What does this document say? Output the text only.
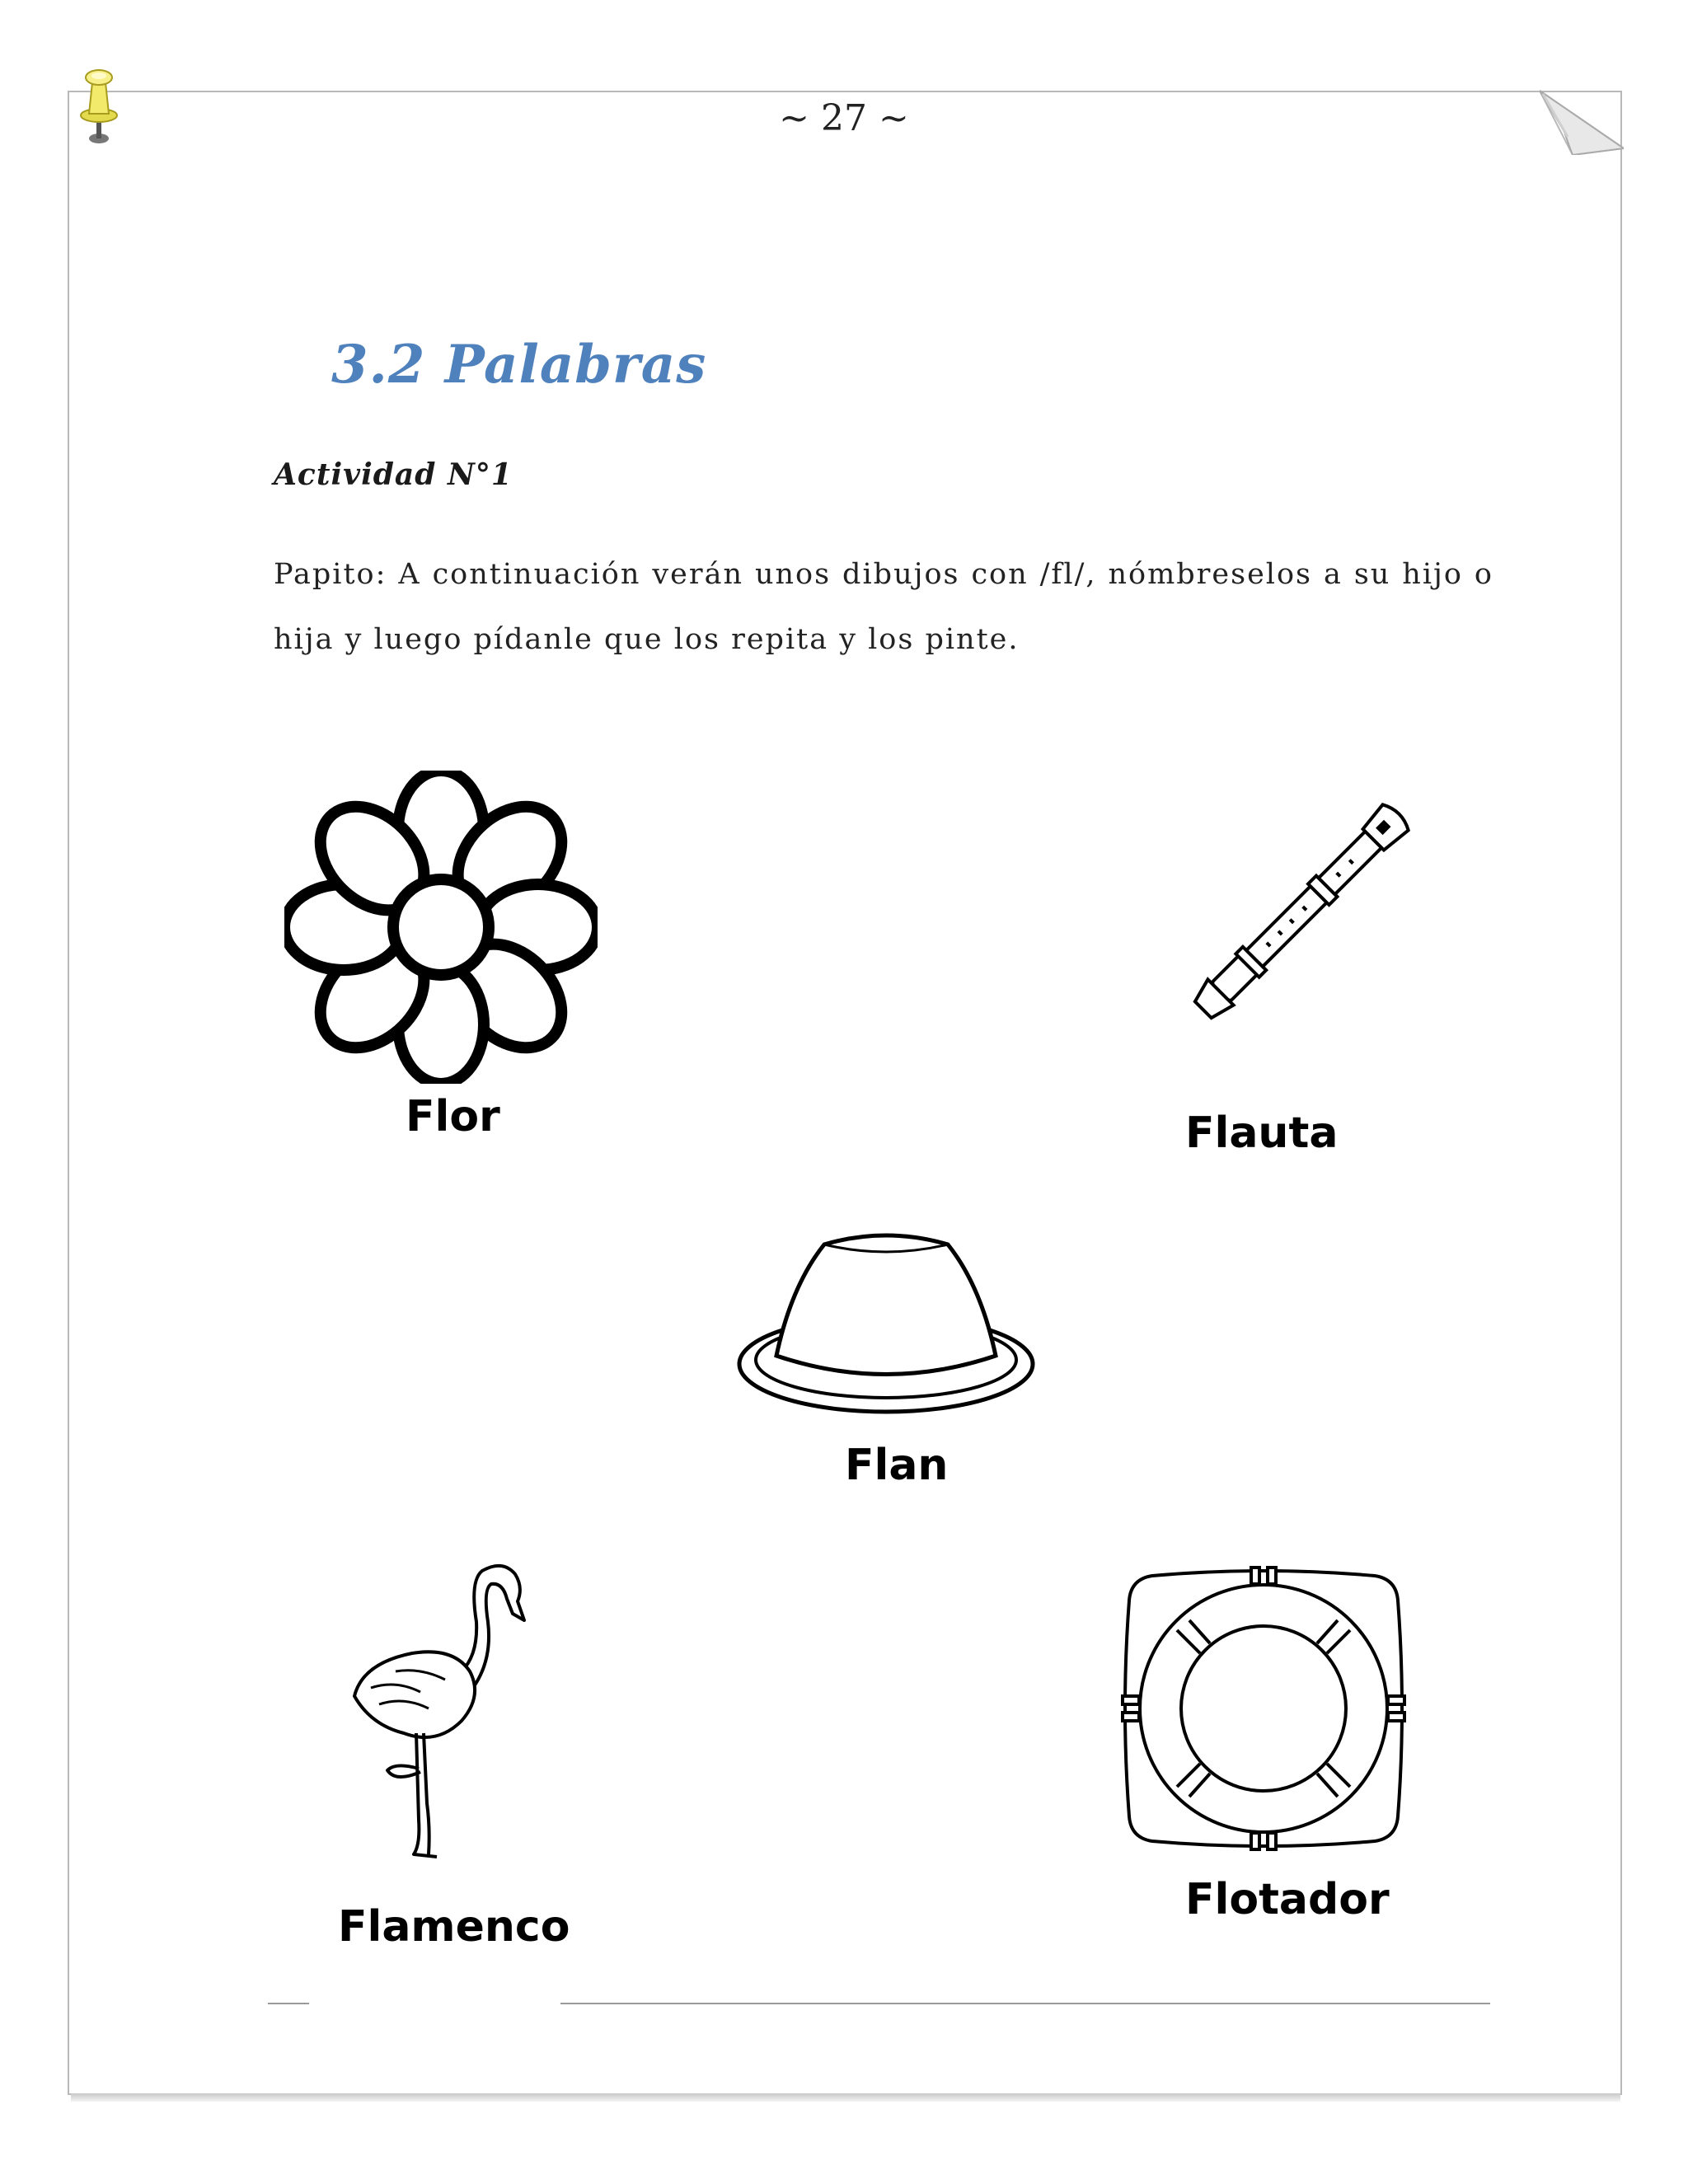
~ 27 ~
3.2 Palabras

Actividad N°1

Papito: A continuación verán unos dibujos con /fl/, nómbreselos a su hijo o hija y luego pídanle que los repita y los pinte.

Flor	Flauta
Flan
Flamenco
Flotador
